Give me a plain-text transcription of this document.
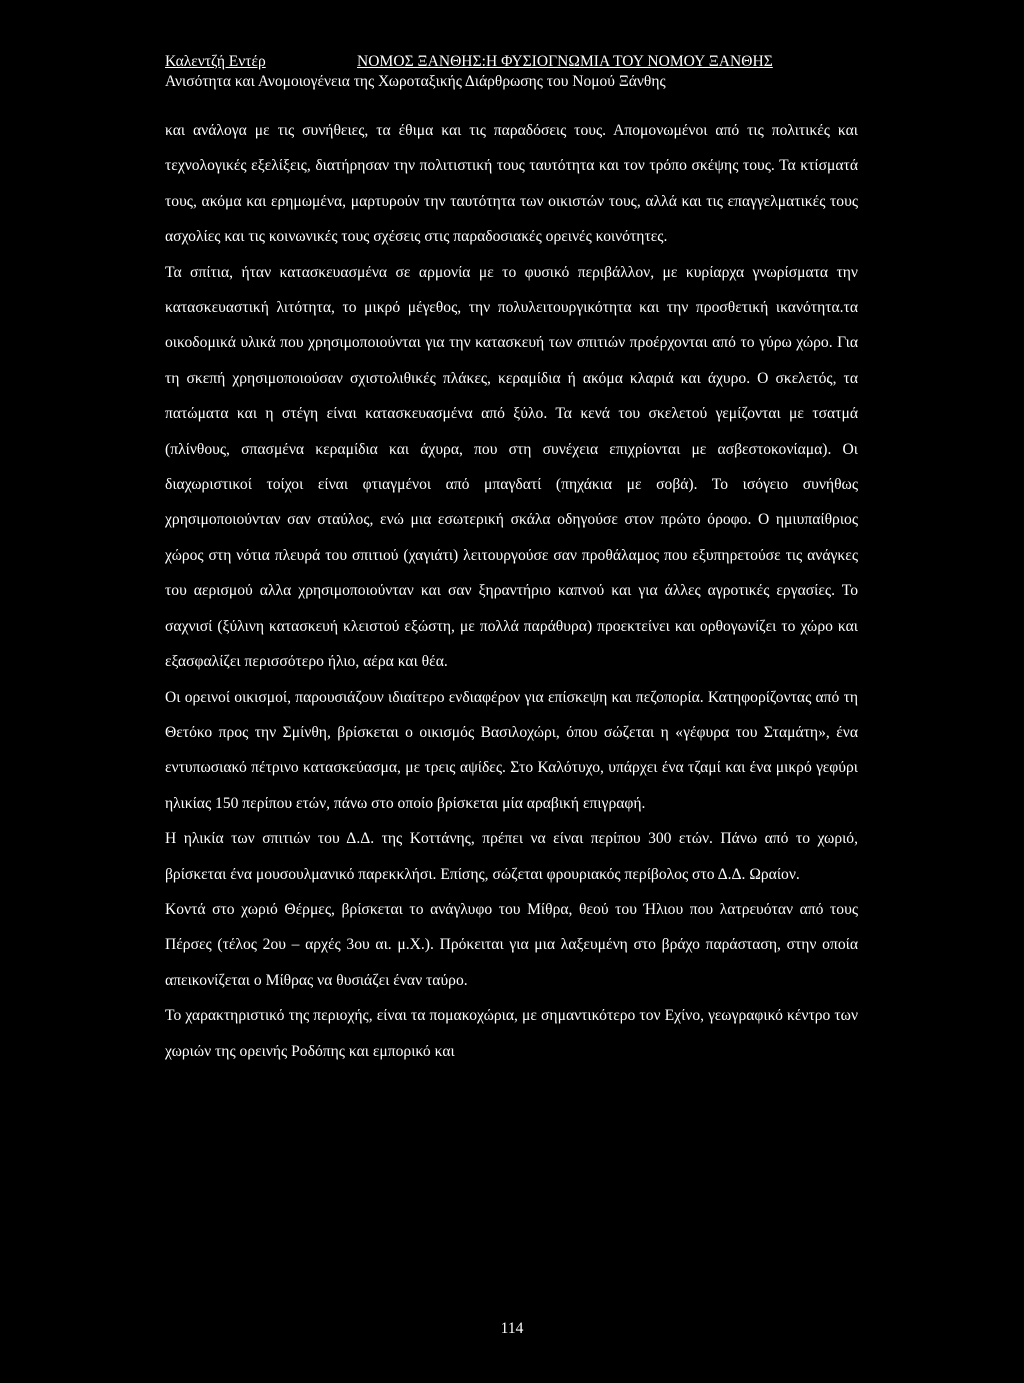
Καλεντζή Εντέρ	ΝΟΜΟΣ ΞΑΝΘΗΣ:Η ΦΥΣΙΟΓΝΩΜΙΑ ΤΟΥ ΝΟΜΟΥ ΞΑΝΘΗΣ
Ανισότητα και Ανομοιογένεια της Χωροταξικής Διάρθρωσης του Νομού Ξάνθης

και ανάλογα με τις συνήθειες, τα έθιμα και τις παραδόσεις τους. Απομονωμένοι από τις πολιτικές και τεχνολογικές εξελίξεις, διατήρησαν την πολιτιστική τους ταυτότητα και τον τρόπο σκέψης τους. Τα κτίσματά τους, ακόμα και ερημωμένα, μαρτυρούν την ταυτότητα των οικιστών τους, αλλά και τις επαγγελματικές τους ασχολίες και τις κοινωνικές τους σχέσεις στις παραδοσιακές ορεινές κοινότητες.

Τα σπίτια, ήταν κατασκευασμένα σε αρμονία με το φυσικό περιβάλλον, με κυρίαρχα γνωρίσματα την κατασκευαστική λιτότητα, το μικρό μέγεθος, την πολυλειτουργικότητα και την προσθετική ικανότητα.τα οικοδομικά υλικά που χρησιμοποιούνται για την κατασκευή των σπιτιών προέρχονται από το γύρω χώρο. Για τη σκεπή χρησιμοποιούσαν σχιστολιθικές πλάκες, κεραμίδια ή ακόμα κλαριά και άχυρο. Ο σκελετός, τα πατώματα και η στέγη είναι κατασκευασμένα από ξύλο. Τα κενά του σκελετού γεμίζονται με τσατμά (πλίνθους, σπασμένα κεραμίδια και άχυρα, που στη συνέχεια επιχρίονται με ασβεστοκονίαμα). Οι διαχωριστικοί τοίχοι είναι φτιαγμένοι από μπαγδατί (πηχάκια με σοβά). Το ισόγειο συνήθως χρησιμοποιούνταν σαν σταύλος, ενώ μια εσωτερική σκάλα οδηγούσε στον πρώτο όροφο. Ο ημιυπαίθριος χώρος στη νότια πλευρά του σπιτιού (χαγιάτι) λειτουργούσε σαν προθάλαμος που εξυπηρετούσε τις ανάγκες του αερισμού αλλα χρησιμοποιούνταν και σαν ξηραντήριο καπνού και για άλλες αγροτικές εργασίες. Το σαχνισί (ξύλινη κατασκευή κλειστού εξώστη, με πολλά παράθυρα) προεκτείνει και ορθογωνίζει το χώρο και εξασφαλίζει περισσότερο ήλιο, αέρα και θέα.

Οι ορεινοί οικισμοί, παρουσιάζουν ιδιαίτερο ενδιαφέρον για επίσκεψη και πεζοπορία. Κατηφορίζοντας από τη Θετόκο προς την Σμίνθη, βρίσκεται ο οικισμός Βασιλοχώρι, όπου σώζεται η «γέφυρα του Σταμάτη», ένα εντυπωσιακό πέτρινο κατασκεύασμα, με τρεις αψίδες. Στο Καλότυχο, υπάρχει ένα τζαμί και ένα μικρό γεφύρι ηλικίας 150 περίπου ετών, πάνω στο οποίο βρίσκεται μία αραβική επιγραφή.

Η ηλικία των σπιτιών του Δ.Δ. της Κοττάνης, πρέπει να είναι περίπου 300 ετών. Πάνω από το χωριό, βρίσκεται ένα μουσουλμανικό παρεκκλήσι. Επίσης, σώζεται φρουριακός περίβολος στο Δ.Δ. Ωραίον.

Κοντά στο χωριό Θέρμες, βρίσκεται το ανάγλυφο του Μίθρα, θεού του Ήλιου που λατρευόταν από τους Πέρσες (τέλος 2ου – αρχές 3ου αι. μ.Χ.). Πρόκειται για μια λαξευμένη στο βράχο παράσταση, στην οποία απεικονίζεται ο Μίθρας να θυσιάζει έναν ταύρο.

Το χαρακτηριστικό της περιοχής, είναι τα πομακοχώρια, με σημαντικότερο τον Εχίνο, γεωγραφικό κέντρο των χωριών της ορεινής Ροδόπης και εμπορικό και

114
